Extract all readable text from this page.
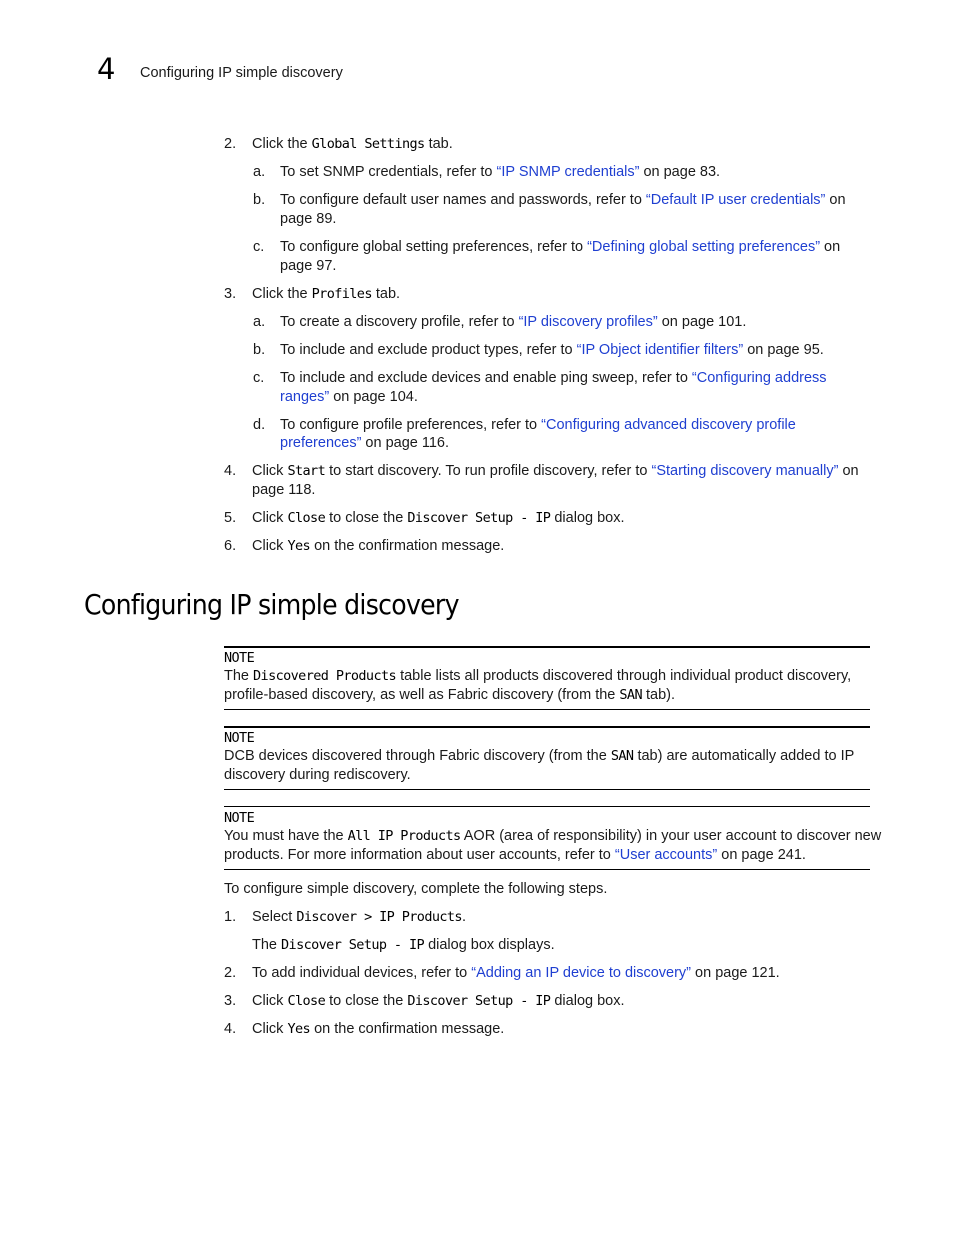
4 Configuring IP simple discovery
2. Click the Global Settings tab.
a. To set SNMP credentials, refer to “IP SNMP credentials” on page 83.
b. To configure default user names and passwords, refer to “Default IP user credentials” on
page 89.
c. To configure global setting preferences, refer to “Defining global setting preferences” on
page 97.
3. Click the Profiles tab.
a. To create a discovery profile, refer to “IP discovery profiles” on page 101.
b. To include and exclude product types, refer to “IP Object identifier filters” on page 95.
c. To include and exclude devices and enable ping sweep, refer to “Configuring address
ranges” on page 104.
d. To configure profile preferences, refer to “Configuring advanced discovery profile
preferences” on page 116.
4. Click Start to start discovery. To run profile discovery, refer to “Starting discovery manually” on
page 118.
5. Click Close to close the Discover Setup - IP dialog box.
6. Click Yes on the confirmation message.
Configuring IP simple discovery
NOTE
The Discovered Products table lists all products discovered through individual product discovery,
profile-based discovery, as well as Fabric discovery (from the SAN tab).
NOTE
DCB devices discovered through Fabric discovery (from the SAN tab) are automatically added to IP
discovery during rediscovery.
NOTE
You must have the All IP Products AOR (area of responsibility) in your user account to discover new
products. For more information about user accounts, refer to “User accounts” on page 241.
To configure simple discovery, complete the following steps.
1. Select Discover > IP Products.
The Discover Setup - IP dialog box displays.
2. To add individual devices, refer to “Adding an IP device to discovery” on page 121.
3. Click Close to close the Discover Setup - IP dialog box.
4. Click Yes on the confirmation message.
